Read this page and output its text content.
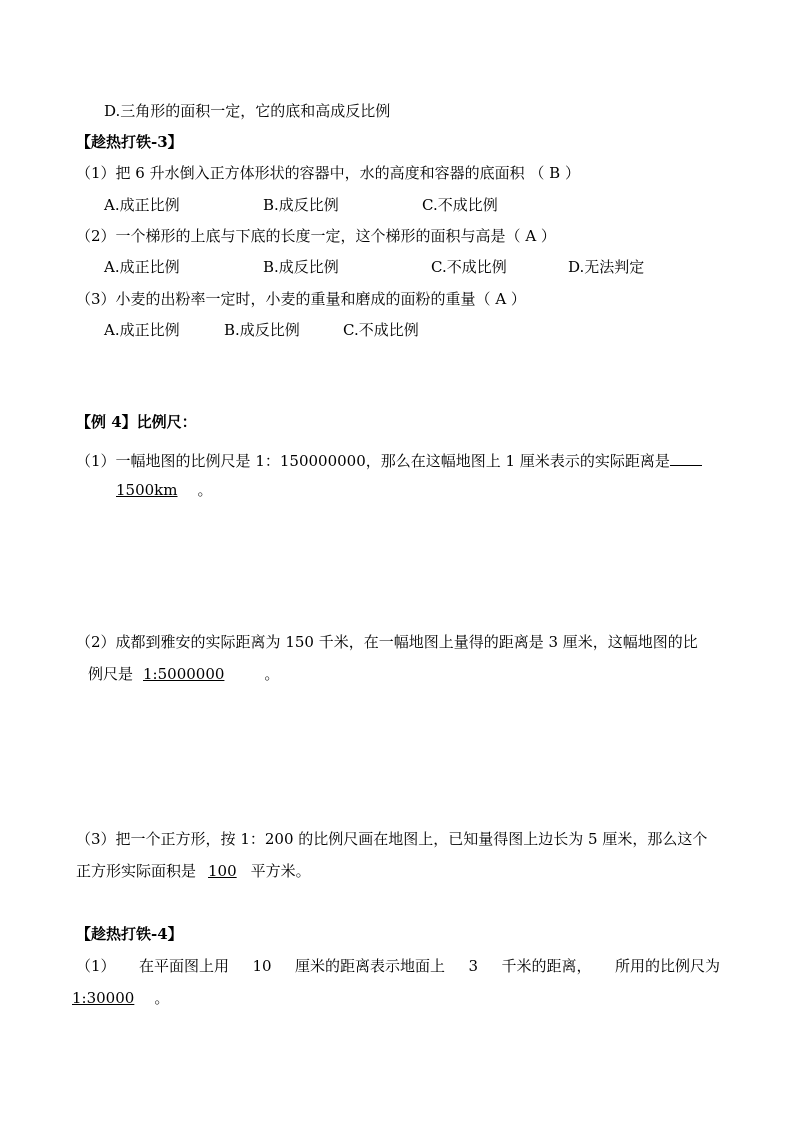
D.三角形的面积一定，它的底和高成反比例
【趁热打铁-3】
（1）把 6 升水倒入正方体形状的容器中，水的高度和容器的底面积 （ B ）
A.成正比例	B.成反比例	C.不成比例
（2）一个梯形的上底与下底的长度一定，这个梯形的面积与高是（ A ）
A.成正比例	B.成反比例	C.不成比例	D.无法判定
（3）小麦的出粉率一定时，小麦的重量和磨成的面粉的重量（ A ）
A.成正比例	B.成反比例	C.不成比例
【例 4】比例尺：
（1）一幅地图的比例尺是 1：150000000，那么在这幅地图上 1 厘米表示的实际距离是
1500km 。
（2）成都到雅安的实际距离为 150 千米，在一幅地图上量得的距离是 3 厘米，这幅地图的比
例尺是 1:5000000	。
（3）把一个正方形，按 1：200 的比例尺画在地图上，已知量得图上边长为 5 厘米，那么这个
正方形实际面积是 100 平方米。
【趁热打铁-4】
（1） 在平面图上用 10 厘米的距离表示地面上 3 千米的距离， 所用的比例尺为
1:30000 。
